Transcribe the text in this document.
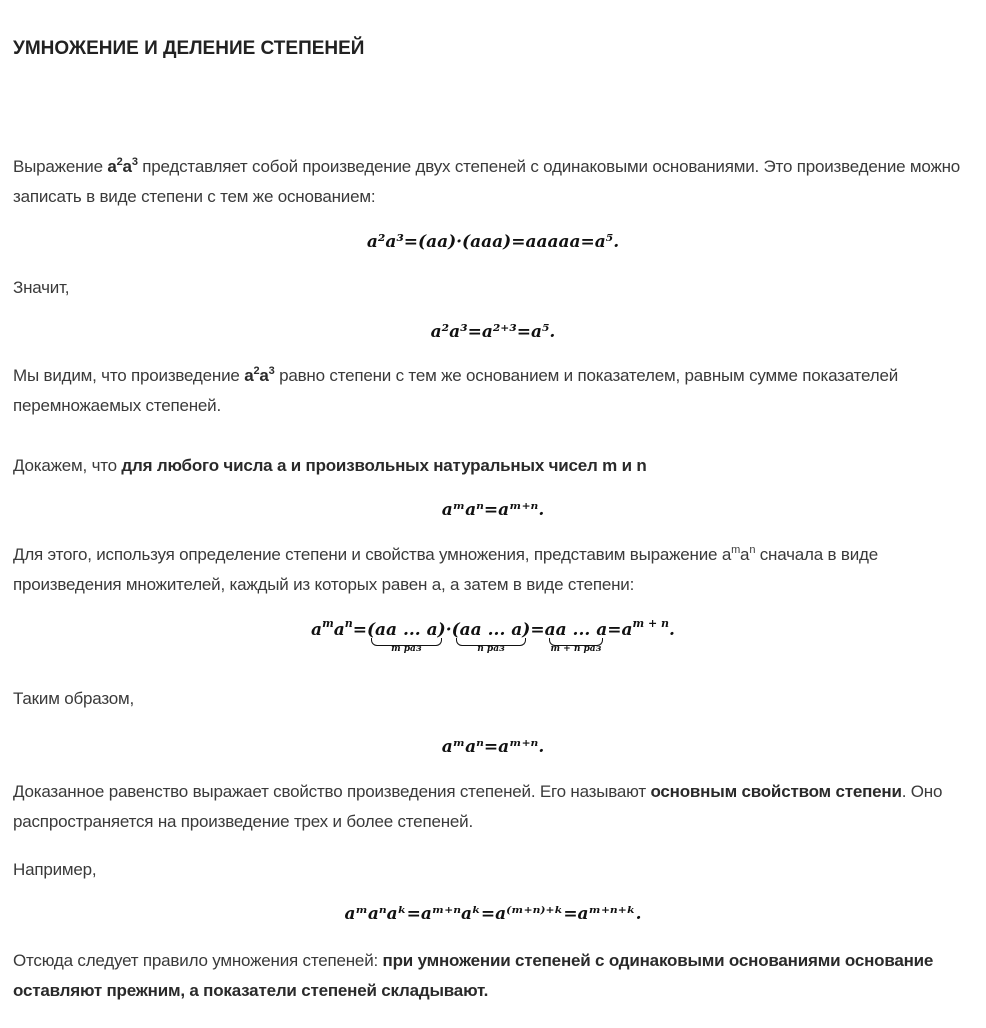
УМНОЖЕНИЕ И ДЕЛЕНИЕ СТЕПЕНЕЙ
Выражение $a^2a^3$ представляет собой произведение двух степеней с одинаковыми основаниями. Это произведение можно записать в виде степени с тем же основанием:
a²a³=(aa)·(aaa)=aaaaa=a⁵.
Значит,
a²a³=a²⁺³=a⁵.
Мы видим, что произведение $a^2a^3$ равно степени с тем же основанием и показателем, равным сумме показателей перемножаемых степеней.
Докажем, что для любого числа a и произвольных натуральных чисел m и n
aᵐaⁿ=aᵐ⁺ⁿ.
Для этого, используя определение степени и свойства умножения, представим выражение $a^ma^n$ сначала в виде произведения множителей, каждый из которых равен a, а затем в виде степени:
$a^ma^n=(aa$ ... a)
m раз
·(aa ... a)
n раз
=aa ... a
m + n раз
$=a^{m + n}$.
Таким образом,
aᵐaⁿ=aᵐ⁺ⁿ.
Доказанное равенство выражает свойство произведения степеней. Его называют основным свойством степени. Оно распространяется на произведение трех и более степеней.
Например,
aᵐaⁿaᵏ=aᵐ⁺ⁿaᵏ=a⁽ᵐ⁺ⁿ⁾⁺ᵏ=aᵐ⁺ⁿ⁺ᵏ.
Отсюда следует правило умножения степеней: при умножении степеней с одинаковыми основаниями основание оставляют прежним, а показатели степеней складывают.
